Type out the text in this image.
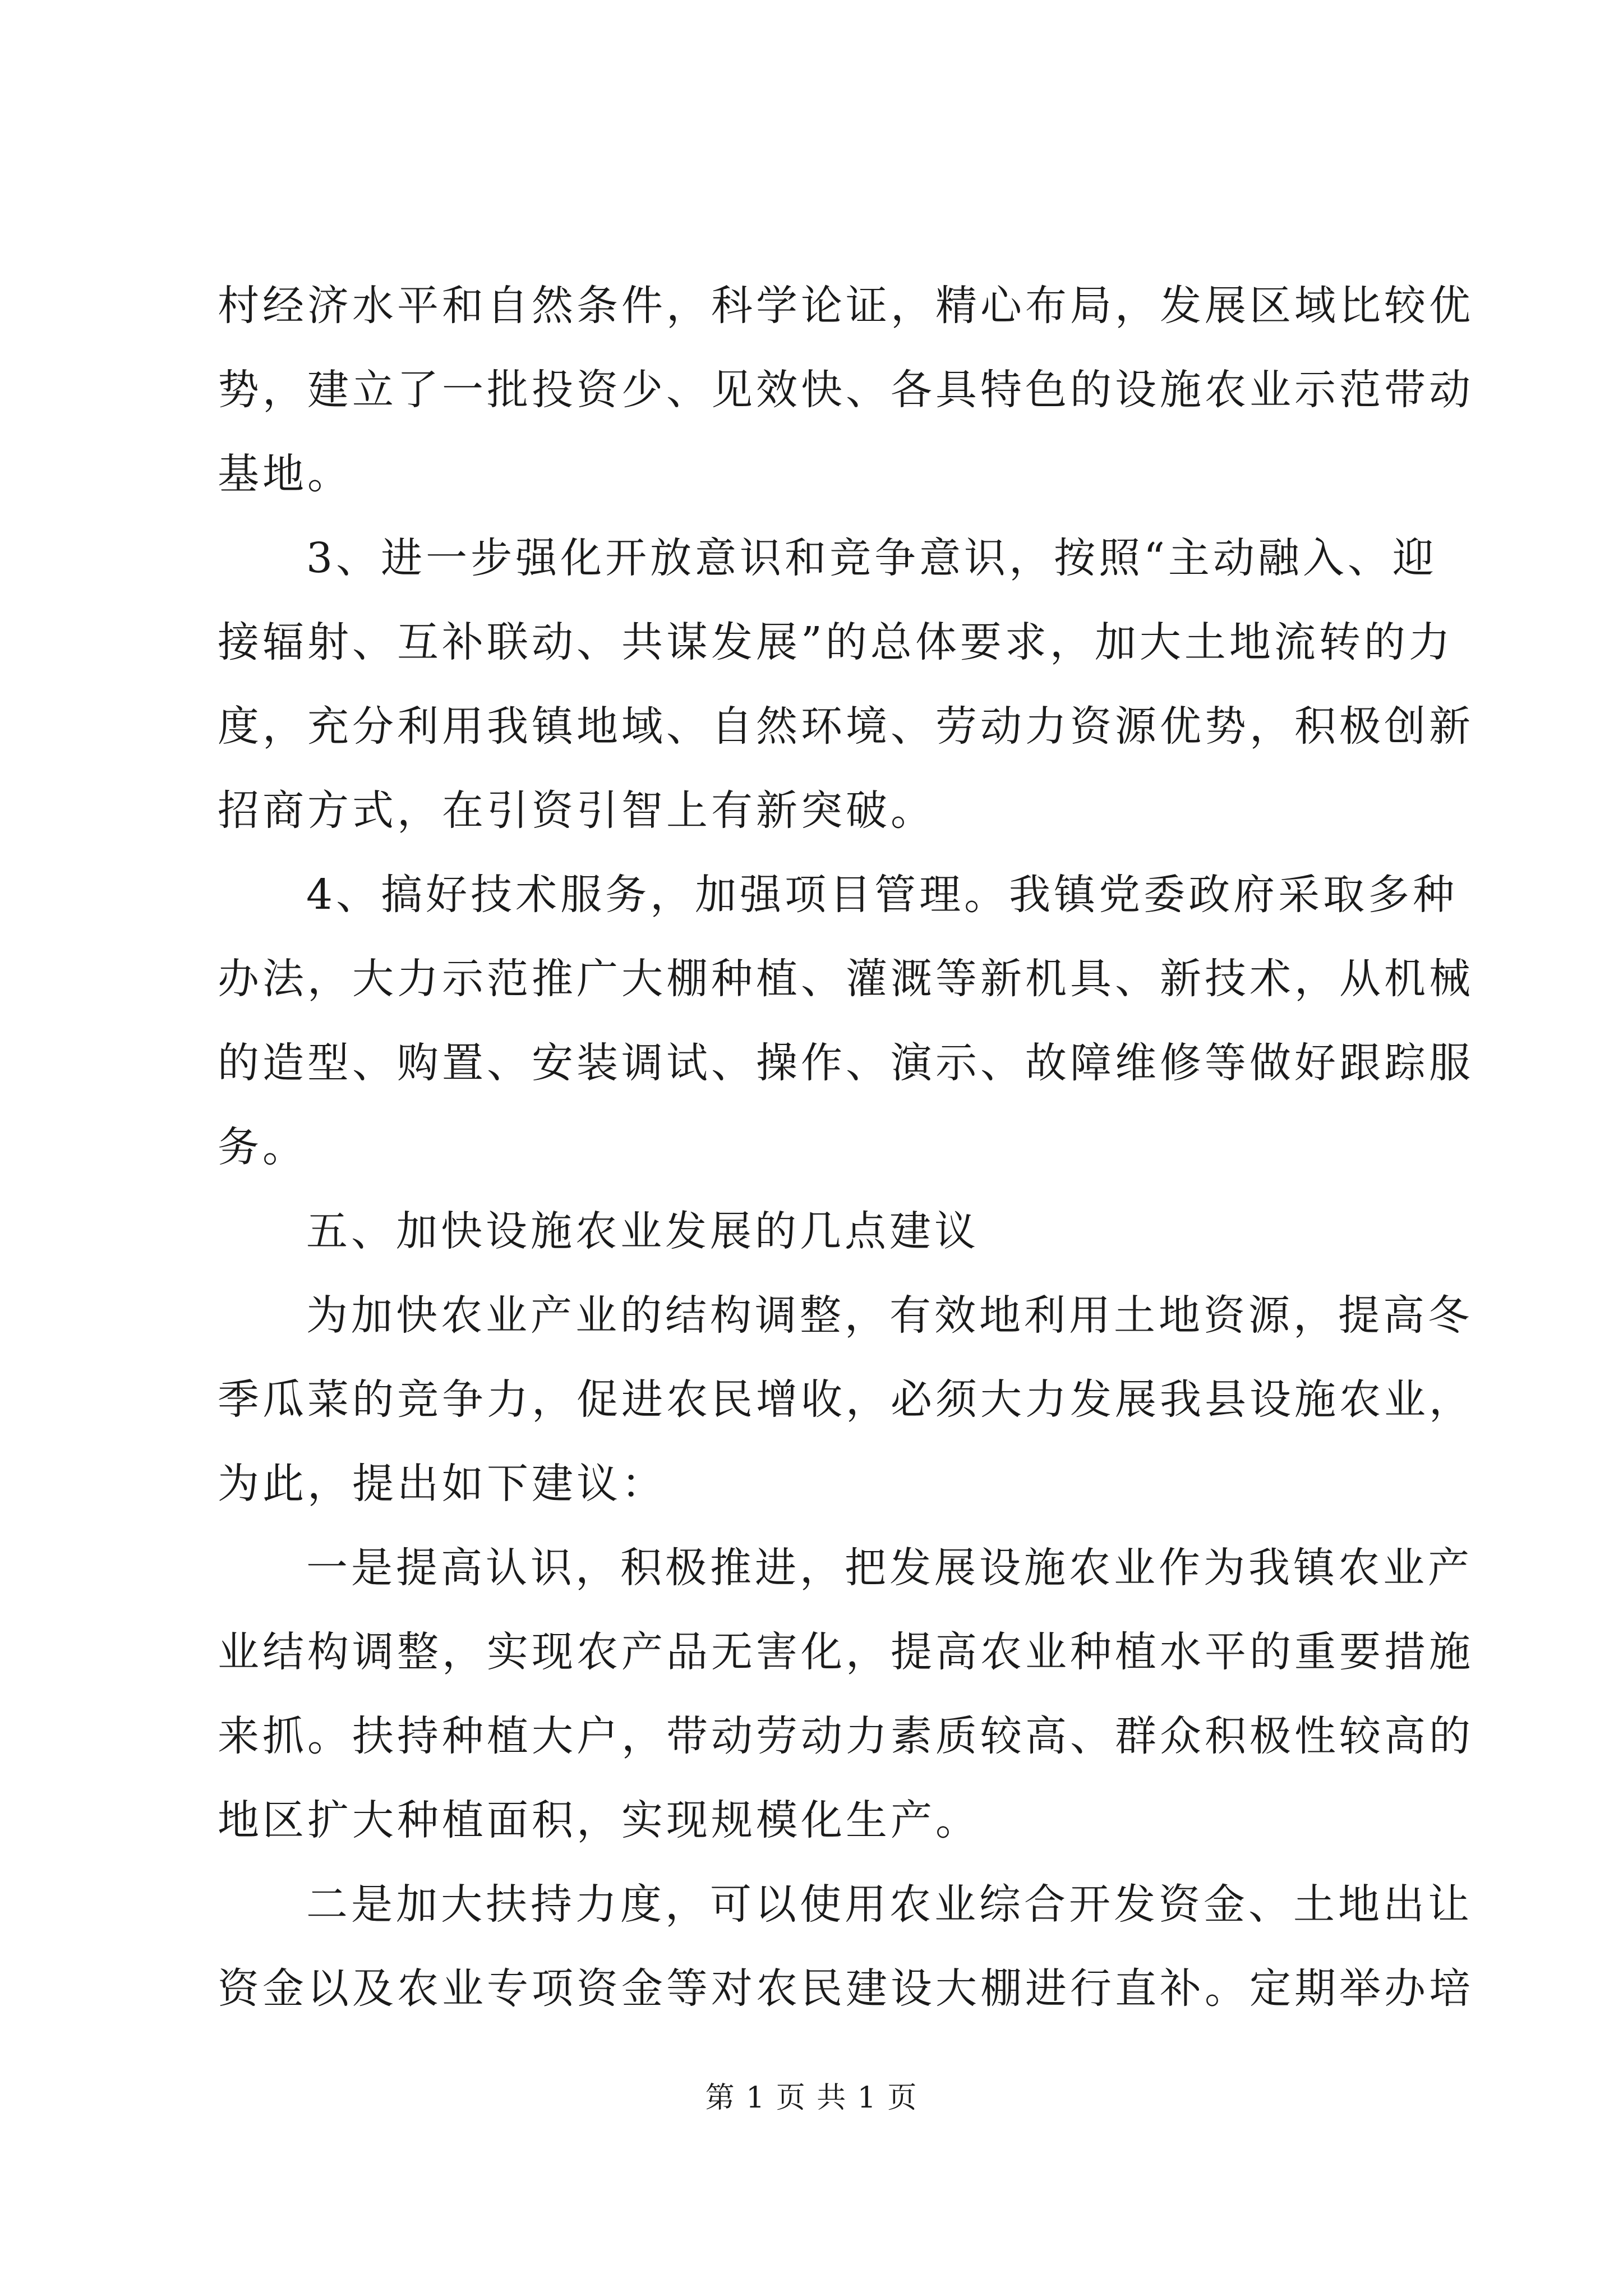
村经济水平和自然条件，科学论证，精心布局，发展区域比较优
势，建立了一批投资少、见效快、各具特色的设施农业示范带动
基地。
3、进一步强化开放意识和竞争意识，按照“主动融入、迎
接辐射、互补联动、共谋发展”的总体要求，加大土地流转的力
度，充分利用我镇地域、自然环境、劳动力资源优势，积极创新
招商方式，在引资引智上有新突破。
4、搞好技术服务，加强项目管理。我镇党委政府采取多种
办法，大力示范推广大棚种植、灌溉等新机具、新技术，从机械
的造型、购置、安装调试、操作、演示、故障维修等做好跟踪服
务。
五、加快设施农业发展的几点建议
为加快农业产业的结构调整，有效地利用土地资源，提高冬
季瓜菜的竞争力，促进农民增收，必须大力发展我县设施农业，
为此，提出如下建议：
一是提高认识，积极推进，把发展设施农业作为我镇农业产
业结构调整，实现农产品无害化，提高农业种植水平的重要措施
来抓。扶持种植大户，带动劳动力素质较高、群众积极性较高的
地区扩大种植面积，实现规模化生产。
二是加大扶持力度，可以使用农业综合开发资金、土地出让
资金以及农业专项资金等对农民建设大棚进行直补。定期举办培
第 1 页 共 1 页
